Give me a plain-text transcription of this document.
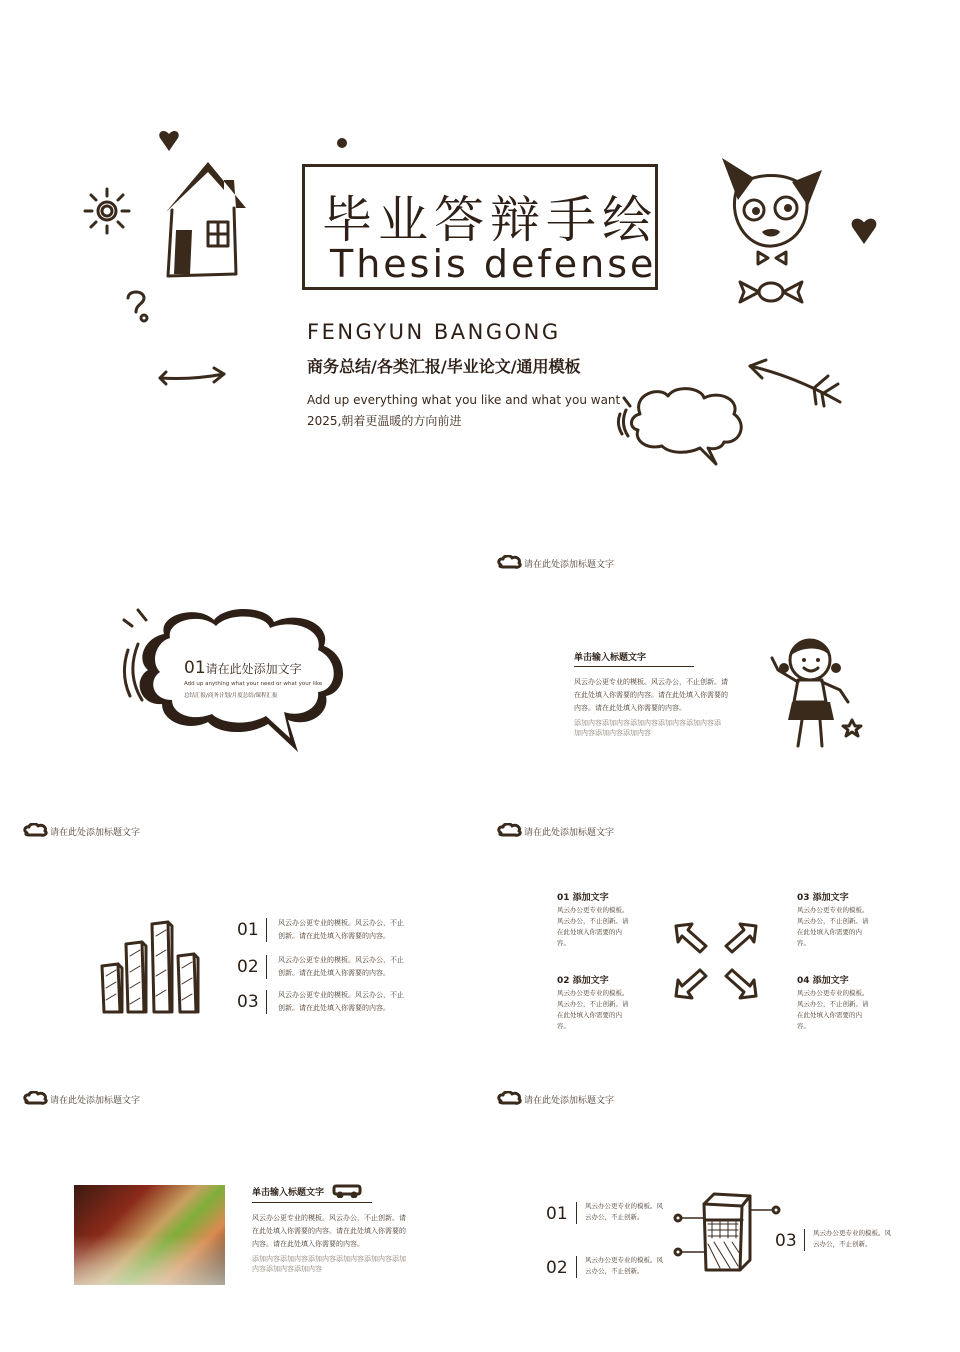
毕业答辩手绘
Thesis defense
FENGYUN BANGONG
商务总结/各类汇报/毕业论文/通用模板
Add up everything what you like and what you want
2025,朝着更温暖的方向前进
01请在此处添加文字
Add up anything what your need or what your like
总结汇报/商务计划/月度总结/课程汇报
请在此处添加标题文字
单击输入标题文字
风云办公更专业的模板。风云办公，不止创新。请在此处填入你需要的内容。请在此处填入你需要的内容。请在此处填入你需要的内容。
添加内容添加内容添加内容添加内容添加内容添加内容添加内容添加内容
请在此处添加标题文字
01	风云办公更专业的模板。风云办公，不止创新。请在此处填入你需要的内容。
02	风云办公更专业的模板。风云办公，不止创新。请在此处填入你需要的内容。
03	风云办公更专业的模板。风云办公，不止创新。请在此处填入你需要的内容。
请在此处添加标题文字
01 添加文字
风云办公更专业的模板。风云办公，不止创新。请在此处填入你需要的内容。
02 添加文字
风云办公更专业的模板。风云办公，不止创新。请在此处填入你需要的内容。
03 添加文字
风云办公更专业的模板。风云办公，不止创新。请在此处填入你需要的内容。
04 添加文字
风云办公更专业的模板。风云办公，不止创新。请在此处填入你需要的内容。
请在此处添加标题文字
单击输入标题文字
风云办公更专业的模板。风云办公，不止创新。请在此处填入你需要的内容。请在此处填入你需要的内容。请在此处填入你需要的内容。
添加内容添加内容添加内容添加内容添加内容添加内容添加内容添加内容
请在此处添加标题文字
01	风云办公更专业的模板。风云办公，不止创新。
02	风云办公更专业的模板。风云办公，不止创新。
03	风云办公更专业的模板。风云办公，不止创新。
